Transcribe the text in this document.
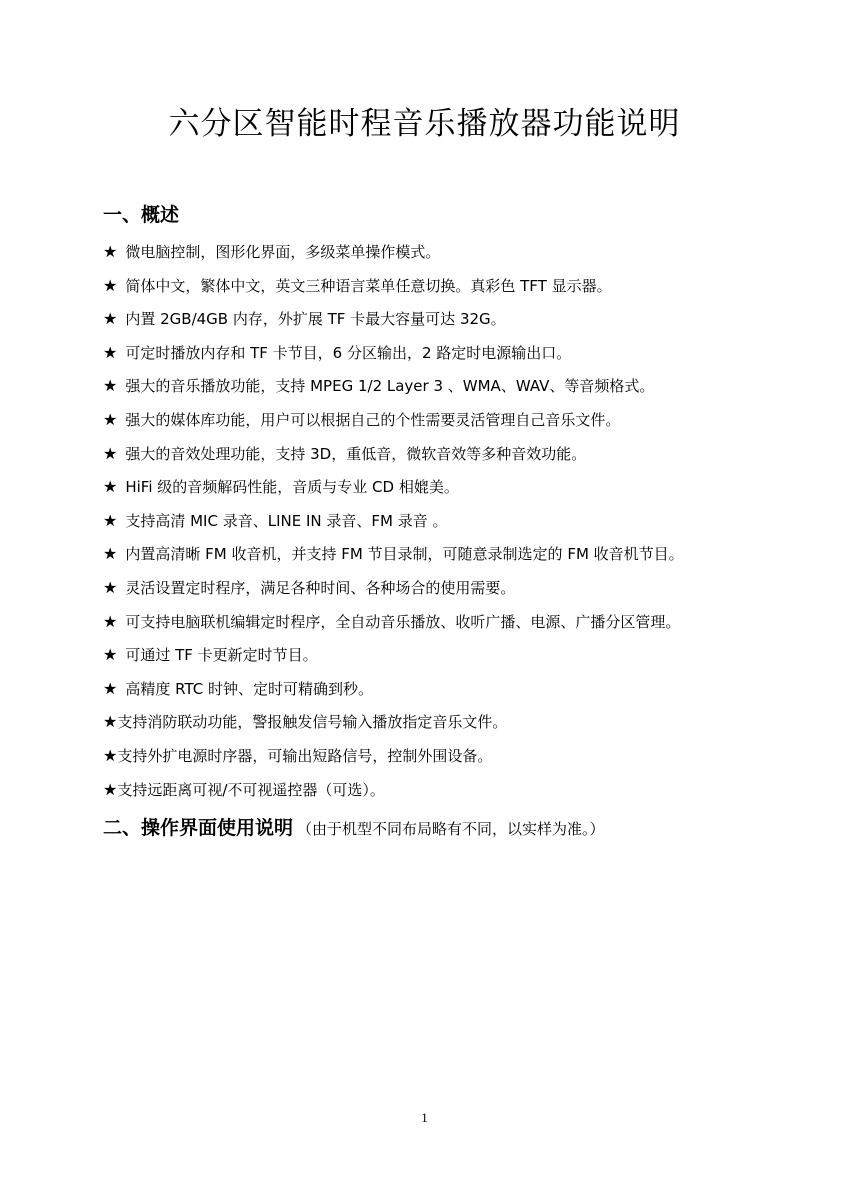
六分区智能时程音乐播放器功能说明
一、概述
★ 微电脑控制，图形化界面，多级菜单操作模式。
★ 简体中文，繁体中文，英文三种语言菜单任意切换。真彩色 TFT 显示器。
★ 内置 2GB/4GB 内存，外扩展 TF 卡最大容量可达 32G。
★ 可定时播放内存和 TF 卡节目，6 分区输出，2 路定时电源输出口。
★ 强大的音乐播放功能，支持 MPEG 1/2 Layer 3 、WMA、WAV、等音频格式。
★ 强大的媒体库功能，用户可以根据自己的个性需要灵活管理自己音乐文件。
★ 强大的音效处理功能，支持 3D，重低音，微软音效等多种音效功能。
★ HiFi 级的音频解码性能，音质与专业 CD 相媲美。
★ 支持高清 MIC 录音、LINE IN 录音、FM 录音 。
★ 内置高清晰 FM 收音机，并支持 FM 节目录制，可随意录制选定的 FM 收音机节目。
★ 灵活设置定时程序，满足各种时间、各种场合的使用需要。
★ 可支持电脑联机编辑定时程序，全自动音乐播放、收听广播、电源、广播分区管理。
★ 可通过 TF 卡更新定时节目。
★ 高精度 RTC 时钟、定时可精确到秒。
★支持消防联动功能，警报触发信号输入播放指定音乐文件。
★支持外扩电源时序器，可输出短路信号，控制外围设备。
★支持远距离可视/不可视遥控器（可选）。
二、操作界面使用说明 （由于机型不同布局略有不同，以实样为准。）
1
